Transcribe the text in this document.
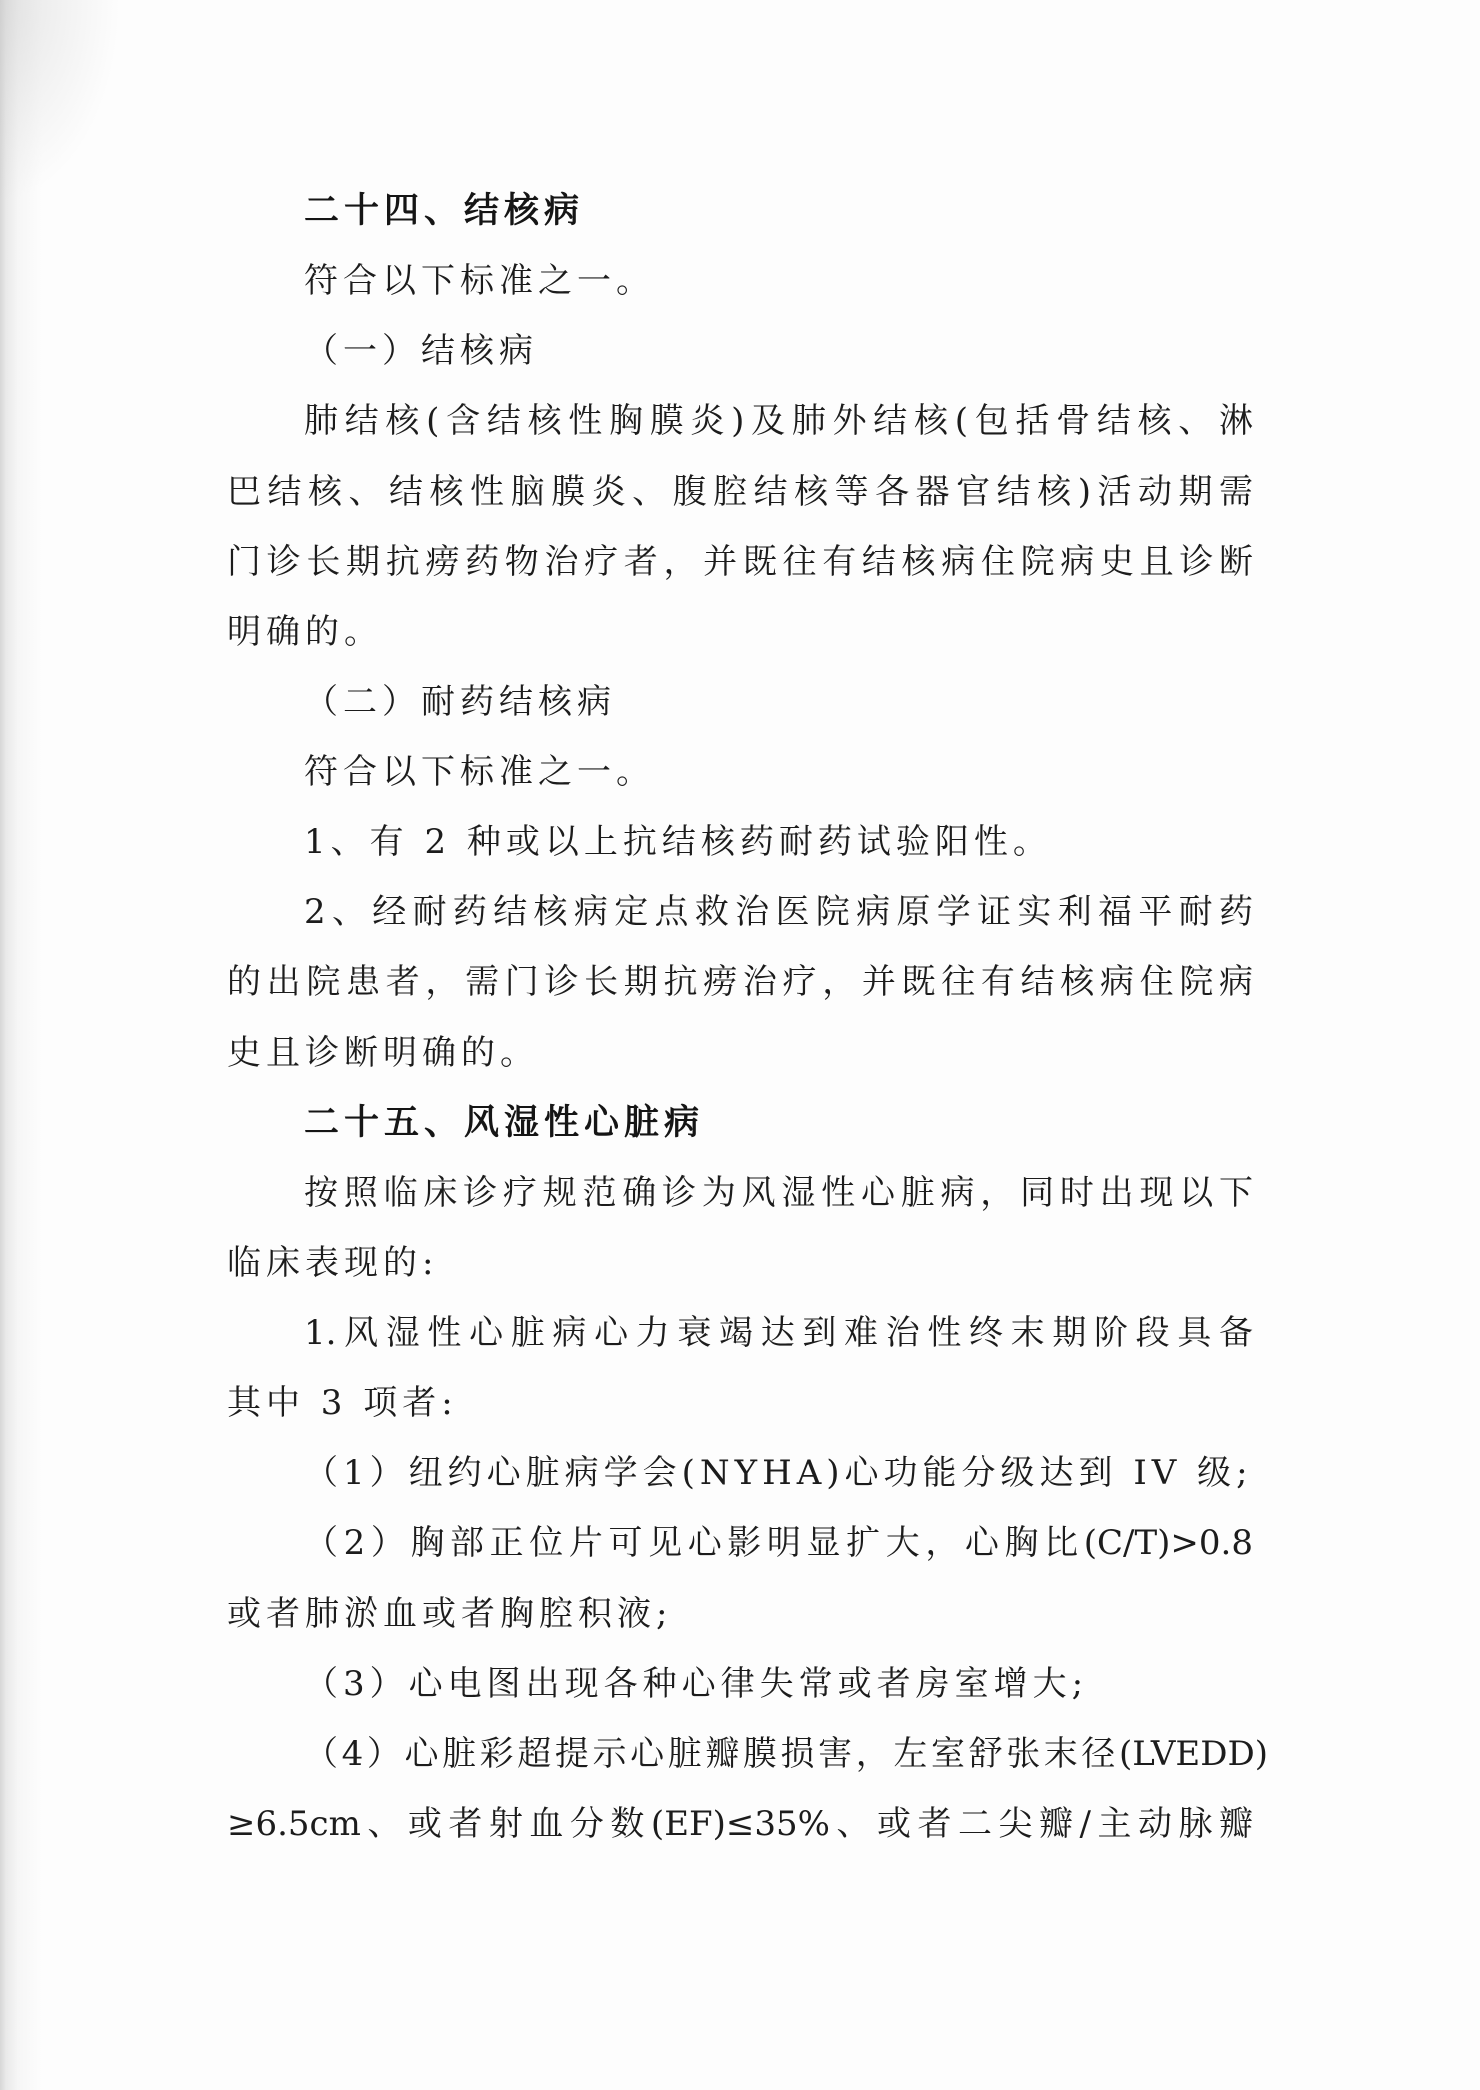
二十四、结核病
符合以下标准之一。
（一）结核病
肺结核(含结核性胸膜炎)及肺外结核(包括骨结核、淋
巴结核、结核性脑膜炎、腹腔结核等各器官结核)活动期需
门诊长期抗痨药物治疗者，并既往有结核病住院病史且诊断
明确的。
（二）耐药结核病
符合以下标准之一。
1、有 2 种或以上抗结核药耐药试验阳性。
2、经耐药结核病定点救治医院病原学证实利福平耐药
的出院患者，需门诊长期抗痨治疗，并既往有结核病住院病
史且诊断明确的。
二十五、风湿性心脏病
按照临床诊疗规范确诊为风湿性心脏病，同时出现以下
临床表现的:
1.风湿性心脏病心力衰竭达到难治性终末期阶段具备
其中 3 项者:
（1）纽约心脏病学会(NYHA)心功能分级达到 IV 级;
（2）胸部正位片可见心影明显扩大，心胸比(C/T)>0.8
或者肺淤血或者胸腔积液;
（3）心电图出现各种心律失常或者房室增大;
（4）心脏彩超提示心脏瓣膜损害，左室舒张末径(LVEDD)
≥6.5cm、或者射血分数(EF)≤35%、或者二尖瓣/主动脉瓣
